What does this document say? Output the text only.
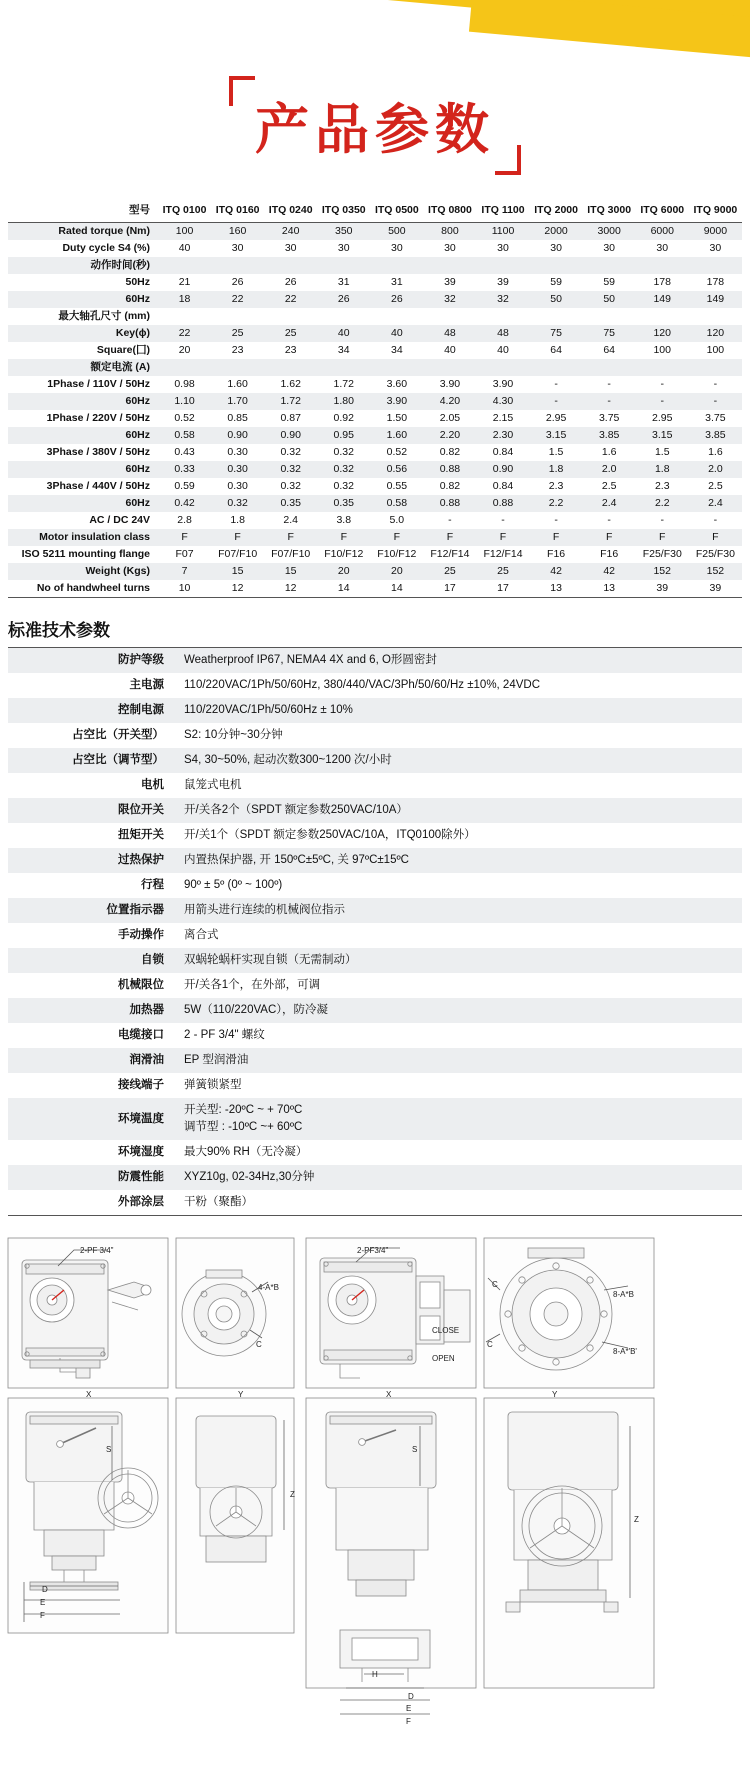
产品参数
型号	ITQ 0100	ITQ 0160	ITQ 0240	ITQ 0350	ITQ 0500	ITQ 0800	ITQ 1100	ITQ 2000	ITQ 3000	ITQ 6000	ITQ 9000
Rated torque (Nm)	100	160	240	350	500	800	1100	2000	3000	6000	9000
Duty cycle S4 (%)	40	30	30	30	30	30	30	30	30	30	30
动作时间(秒)											
50Hz	21	26	26	31	31	39	39	59	59	178	178
60Hz	18	22	22	26	26	32	32	50	50	149	149
最大轴孔尺寸 (mm)											
Key(ϕ)	22	25	25	40	40	48	48	75	75	120	120
Square(囗)	20	23	23	34	34	40	40	64	64	100	100
额定电流 (A)											
1Phase / 110V / 50Hz	0.98	1.60	1.62	1.72	3.60	3.90	3.90	-	-	-	-
60Hz	1.10	1.70	1.72	1.80	3.90	4.20	4.30	-	-	-	-
1Phase / 220V / 50Hz	0.52	0.85	0.87	0.92	1.50	2.05	2.15	2.95	3.75	2.95	3.75
60Hz	0.58	0.90	0.90	0.95	1.60	2.20	2.30	3.15	3.85	3.15	3.85
3Phase / 380V / 50Hz	0.43	0.30	0.32	0.32	0.52	0.82	0.84	1.5	1.6	1.5	1.6
60Hz	0.33	0.30	0.32	0.32	0.56	0.88	0.90	1.8	2.0	1.8	2.0
3Phase / 440V / 50Hz	0.59	0.30	0.32	0.32	0.55	0.82	0.84	2.3	2.5	2.3	2.5
60Hz	0.42	0.32	0.35	0.35	0.58	0.88	0.88	2.2	2.4	2.2	2.4
AC / DC 24V	2.8	1.8	2.4	3.8	5.0	-	-	-	-	-	-
Motor insulation class	F	F	F	F	F	F	F	F	F	F	F
ISO 5211 mounting flange	F07	F07/F10	F07/F10	F10/F12	F10/F12	F12/F14	F12/F14	F16	F16	F25/F30	F25/F30
Weight (Kgs)	7	15	15	20	20	25	25	42	42	152	152
No of handwheel turns	10	12	12	14	14	17	17	13	13	39	39
标准技术参数
防护等级	Weatherproof IP67, NEMA4 4X and 6, O形圆密封
主电源	110/220VAC/1Ph/50/60Hz, 380/440/VAC/3Ph/50/60/Hz ±10%, 24VDC
控制电源	110/220VAC/1Ph/50/60Hz ± 10%
占空比（开关型）	S2: 10分钟~30分钟
占空比（调节型）	S4, 30~50%, 起动次数300~1200 次/小时
电机	鼠笼式电机
限位开关	开/关各2个（SPDT 额定参数250VAC/10A）
扭矩开关	开/关1个（SPDT 额定参数250VAC/10A，ITQ0100除外）
过热保护	内置热保护器, 开 150ºC±5ºC, 关 97ºC±15ºC
行程	90º ± 5º (0º ~ 100º)
位置指示器	用箭头进行连续的机械阀位指示
手动操作	离合式
自锁	双蜗轮蜗杆实现自锁（无需制动）
机械限位	开/关各1个，在外部，可调
加热器	5W（110/220VAC），防冷凝
电缆接口	2 - PF 3/4" 螺纹
润滑油	EP 型润滑油
接线端子	弹簧锁紧型
环境温度	开关型: -20ºC ~ + 70ºC
调节型 : -10ºC ~+ 60ºC
环境湿度	最大90% RH（无冷凝）
防震性能	XYZ10g, 02-34Hz,30分钟
外部涂层	干粉（聚酯）
2-PF 3/4"
X	Y
4-A*B
C
S
Z
D
E
F
2-PF3/4"
X	Y
8-A*B
8-A*'B'
C
C
S
Z
H
D
E
F
OPEN
CLOSE
